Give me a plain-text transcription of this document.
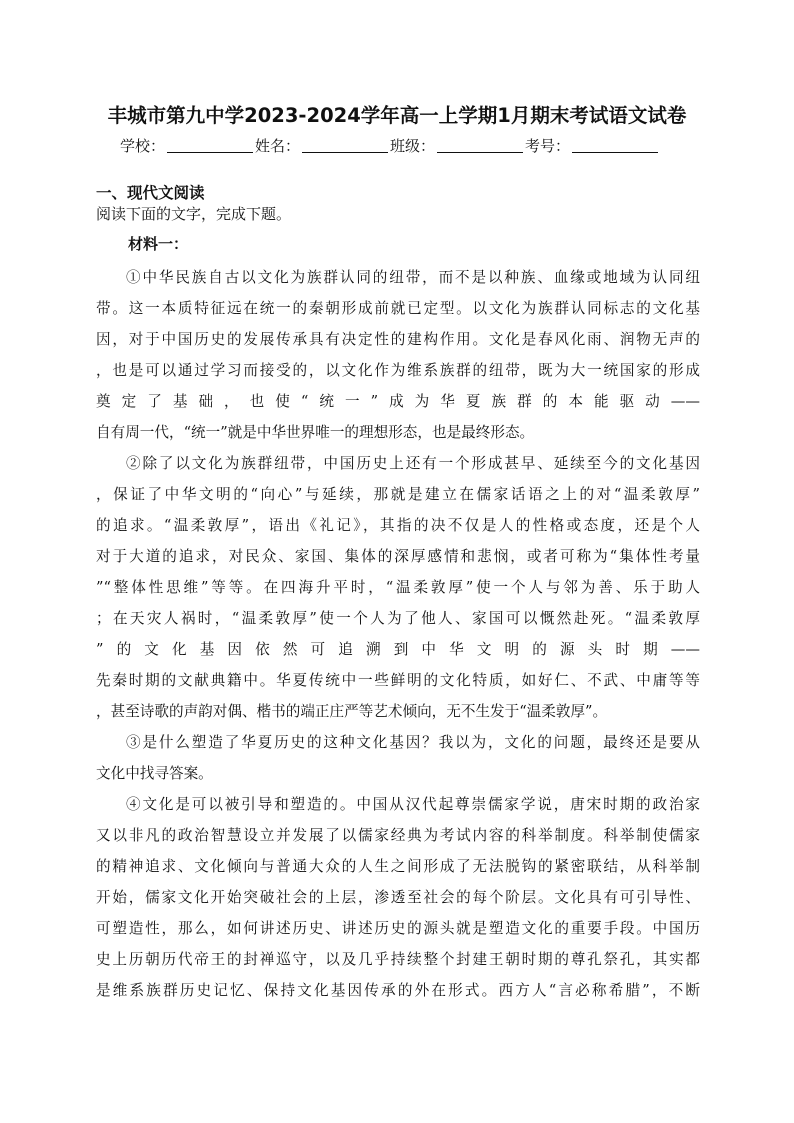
丰城市第九中学2023-2024学年高一上学期1月期末考试语文试卷
学校：	姓名：	班级：	考号：
一、现代文阅读
阅读下面的文字，完成下题。
材料一：
①中华民族自古以文化为族群认同的纽带，而不是以种族、血缘或地域为认同纽
带。这一本质特征远在统一的秦朝形成前就已定型。以文化为族群认同标志的文化基
因，对于中国历史的发展传承具有决定性的建构作用。文化是春风化雨、润物无声的
，也是可以通过学习而接受的，以文化作为维系族群的纽带，既为大一统国家的形成
奠定了基础，也使“统一”成为华夏族群的本能驱动——
自有周一代，“统一”就是中华世界唯一的理想形态，也是最终形态。
②除了以文化为族群纽带，中国历史上还有一个形成甚早、延续至今的文化基因
，保证了中华文明的“向心”与延续，那就是建立在儒家话语之上的对“温柔敦厚”
的追求。“温柔敦厚”，语出《礼记》，其指的决不仅是人的性格或态度，还是个人
对于大道的追求，对民众、家国、集体的深厚感情和悲悯，或者可称为“集体性考量
”“整体性思维”等等。在四海升平时，“温柔敦厚”使一个人与邻为善、乐于助人
；在天灾人祸时，“温柔敦厚”使一个人为了他人、家国可以慨然赴死。“温柔敦厚
”的文化基因依然可追溯到中华文明的源头时期——
先秦时期的文献典籍中。华夏传统中一些鲜明的文化特质，如好仁、不武、中庸等等
，甚至诗歌的声韵对偶、楷书的端正庄严等艺术倾向，无不生发于“温柔敦厚”。
③是什么塑造了华夏历史的这种文化基因？我以为，文化的问题，最终还是要从
文化中找寻答案。
④文化是可以被引导和塑造的。中国从汉代起尊崇儒家学说，唐宋时期的政治家
又以非凡的政治智慧设立并发展了以儒家经典为考试内容的科举制度。科举制使儒家
的精神追求、文化倾向与普通大众的人生之间形成了无法脱钩的紧密联结，从科举制
开始，儒家文化开始突破社会的上层，渗透至社会的每个阶层。文化具有可引导性、
可塑造性，那么，如何讲述历史、讲述历史的源头就是塑造文化的重要手段。中国历
史上历朝历代帝王的封禅巡守，以及几乎持续整个封建王朝时期的尊孔祭孔，其实都
是维系族群历史记忆、保持文化基因传承的外在形式。西方人“言必称希腊”，不断
